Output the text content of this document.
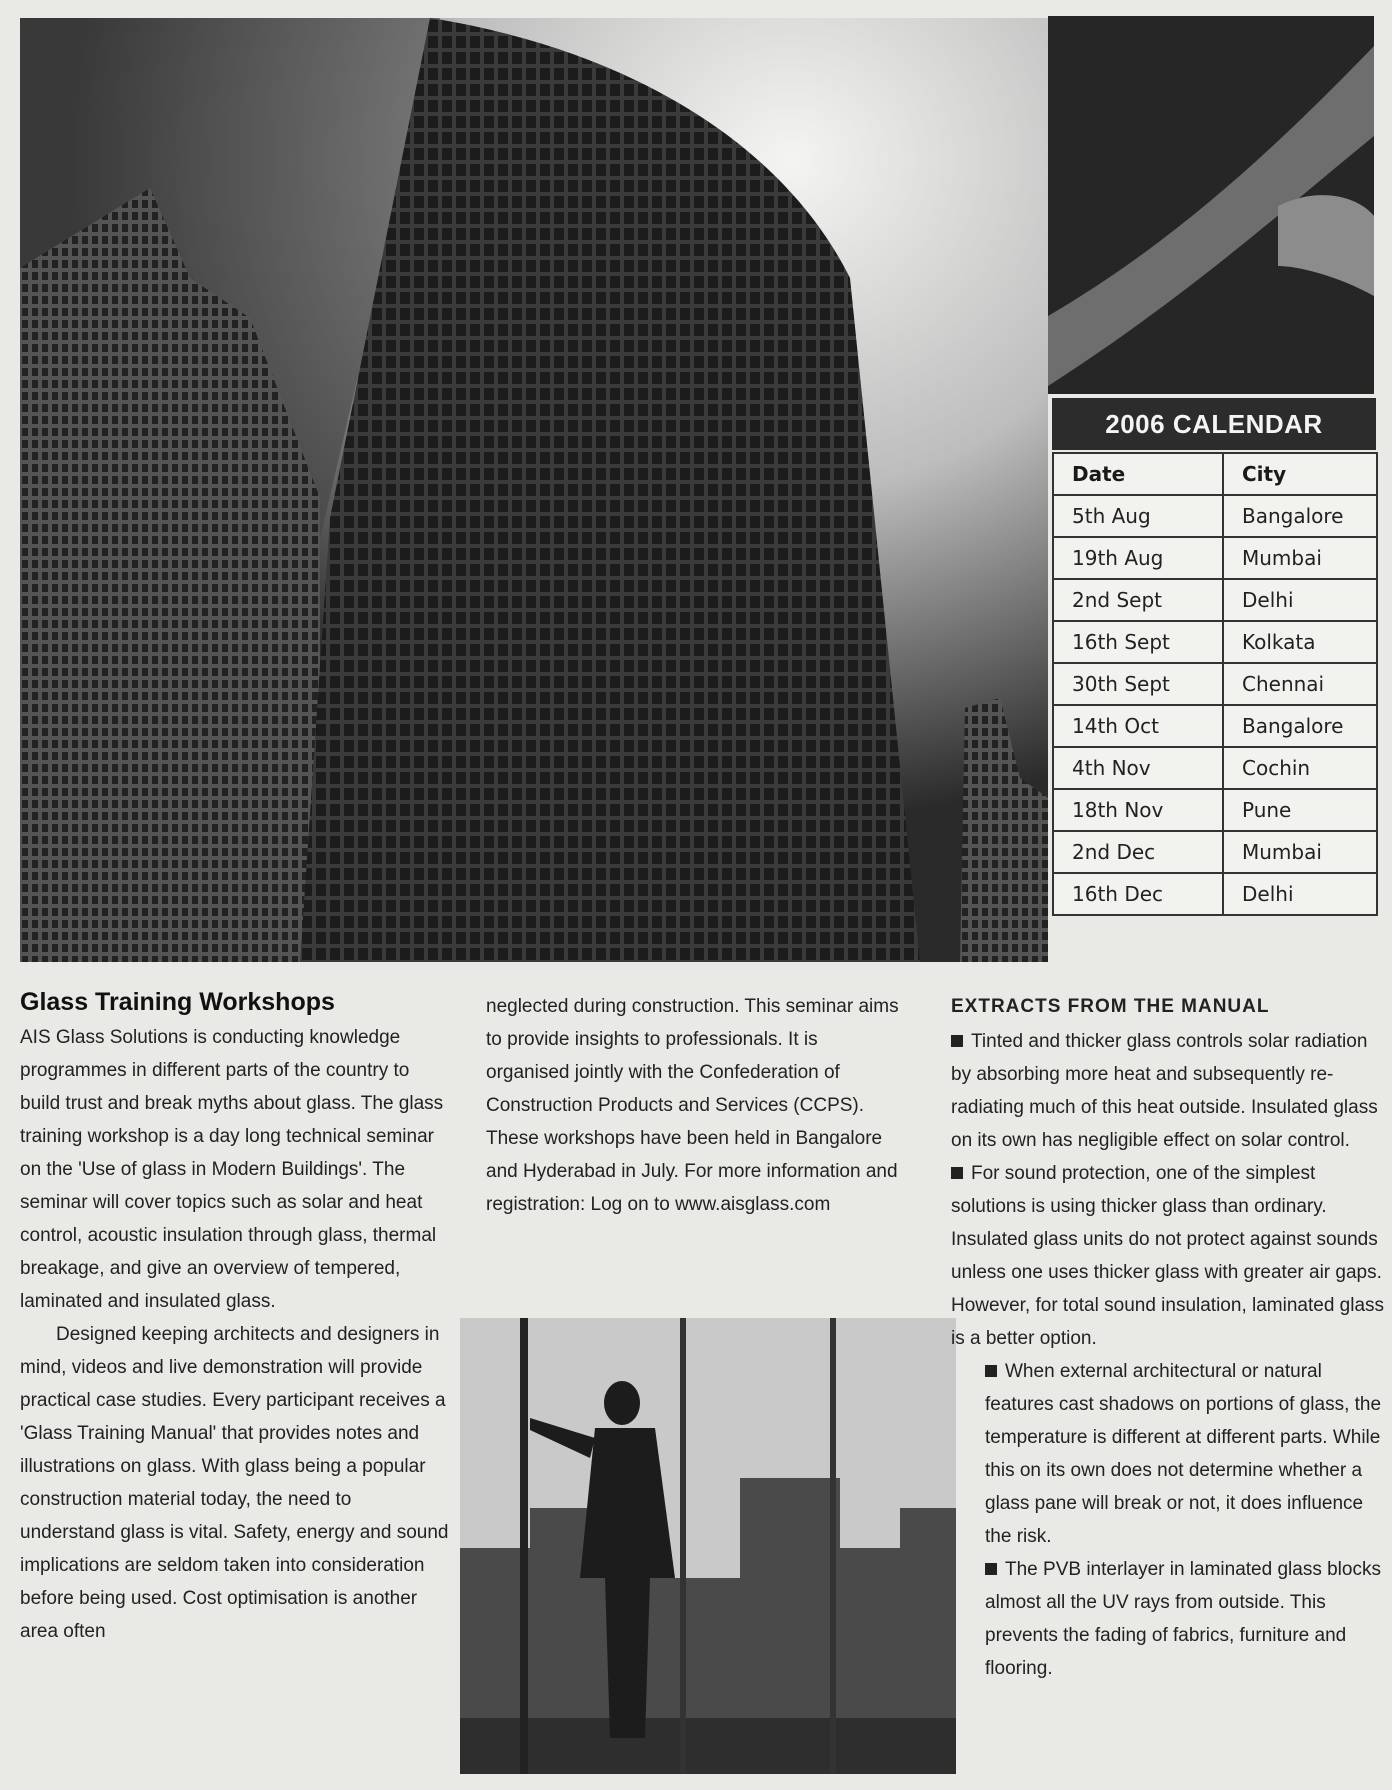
2006 CALENDAR
Date	City
5th Aug	Bangalore
19th Aug	Mumbai
2nd Sept	Delhi
16th Sept	Kolkata
30th Sept	Chennai
14th Oct	Bangalore
4th Nov	Cochin
18th Nov	Pune
2nd Dec	Mumbai
16th Dec	Delhi
Glass Training Workshops

AIS Glass Solutions is conducting knowledge programmes in different parts of the country to build trust and break myths about glass. The glass training workshop is a day long technical seminar on the 'Use of glass in Modern Buildings'. The seminar will cover topics such as solar and heat control, acoustic insulation through glass, thermal breakage, and give an overview of tempered, laminated and insulated glass.

Designed keeping architects and designers in mind, videos and live demonstration will provide practical case studies. Every participant receives a 'Glass Training Manual' that provides notes and illustrations on glass. With glass being a popular construction material today, the need to understand glass is vital. Safety, energy and sound implications are seldom taken into consideration before being used. Cost optimisation is another area often

neglected during construction. This seminar aims to provide insights to professionals. It is organised jointly with the Confederation of Construction Products and Services (CCPS). These workshops have been held in Bangalore and Hyderabad in July. For more information and registration: Log on to www.aisglass.com

EXTRACTS FROM THE MANUAL

Tinted and thicker glass controls solar radiation by absorbing more heat and subsequently re-radiating much of this heat outside. Insulated glass on its own has negligible effect on solar control.

For sound protection, one of the simplest solutions is using thicker glass than ordinary. Insulated glass units do not protect against sounds unless one uses thicker glass with greater air gaps. However, for total sound insulation, laminated glass is a better option.

When external architectural or natural features cast shadows on portions of glass, the temperature is different at different parts. While this on its own does not determine whether a glass pane will break or not, it does influence the risk.

The PVB interlayer in laminated glass blocks almost all the UV rays from outside. This prevents the fading of fabrics, furniture and flooring.
